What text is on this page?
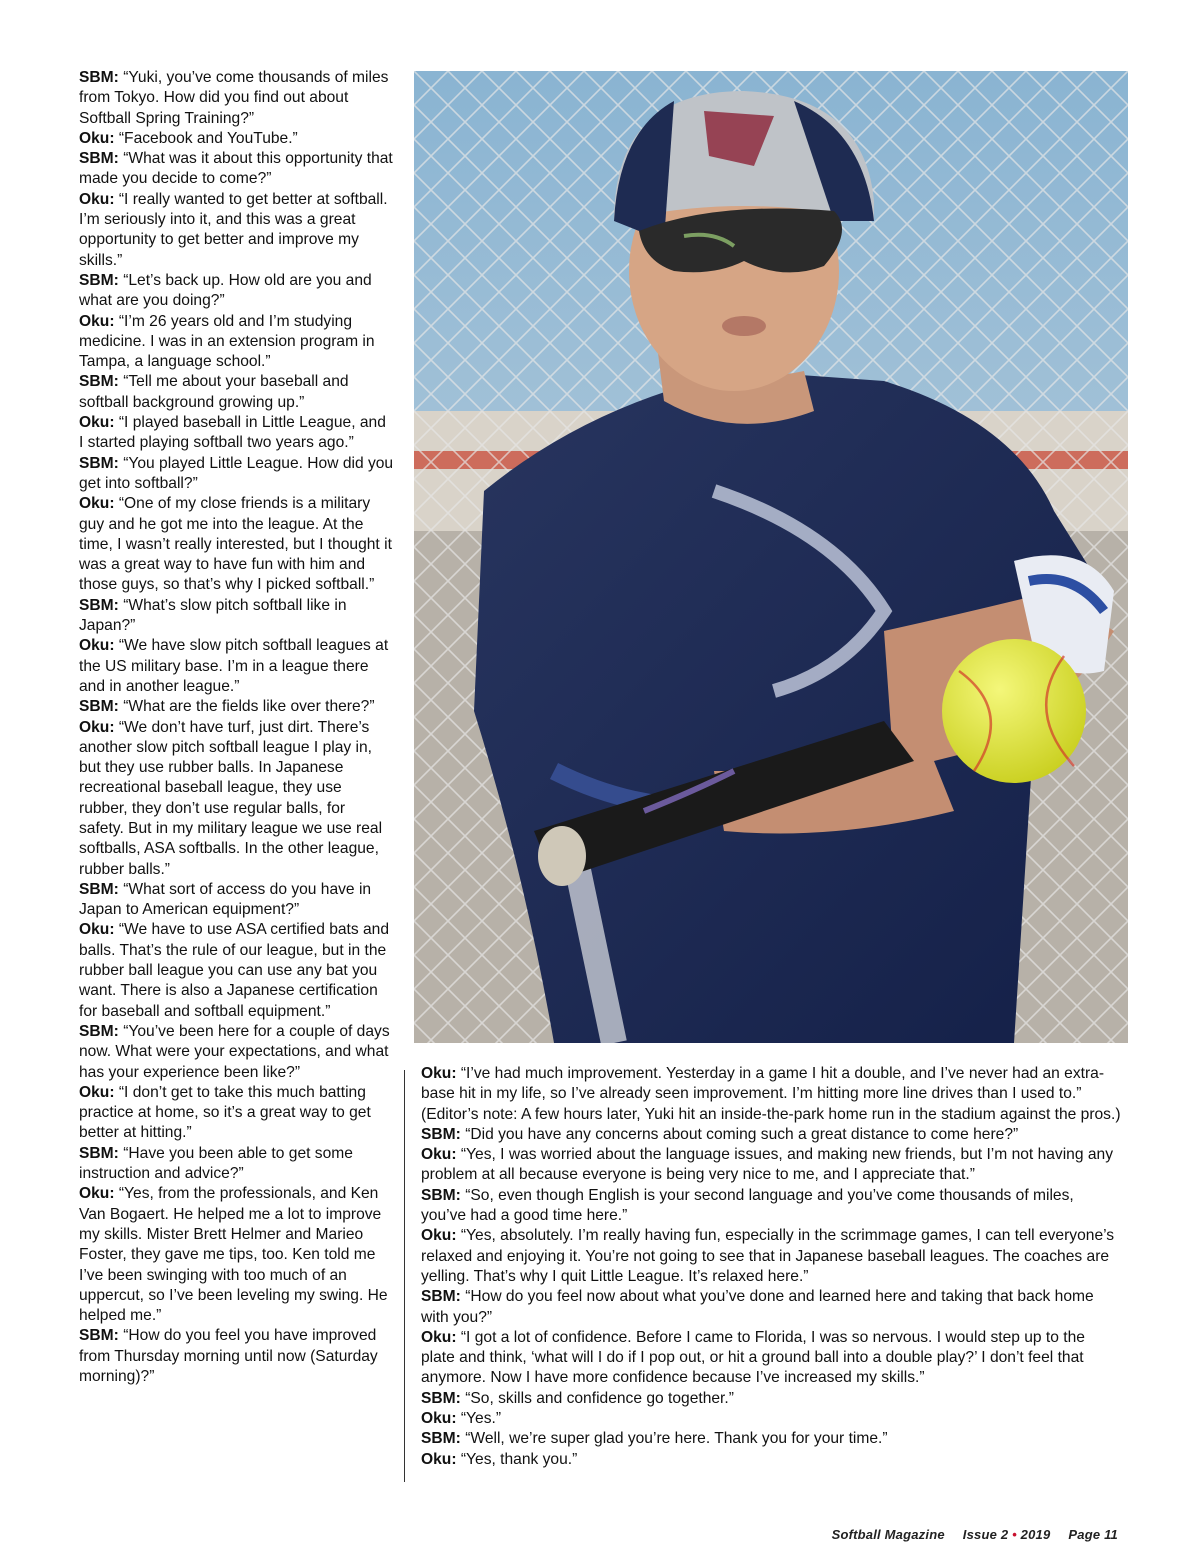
SBM: “Yuki, you’ve come thousands of miles from Tokyo. How did you find out about Softball Spring Training?”

Oku: “Facebook and YouTube.”

SBM: “What was it about this opportunity that made you decide to come?”

Oku: “I really wanted to get better at softball. I’m seriously into it, and this was a great opportunity to get better and improve my skills.”

SBM: “Let’s back up. How old are you and what are you doing?”

Oku: “I’m 26 years old and I’m studying medicine. I was in an extension program in Tampa, a language school.”

SBM: “Tell me about your baseball and softball background growing up.”

Oku: “I played baseball in Little League, and I started playing softball two years ago.”

SBM: “You played Little League. How did you get into softball?”

Oku: “One of my close friends is a military guy and he got me into the league. At the time, I wasn’t really interested, but I thought it was a great way to have fun with him and those guys, so that’s why I picked softball.”

SBM: “What’s slow pitch softball like in Japan?”

Oku: “We have slow pitch softball leagues at the US military base. I’m in a league there and in another league.”

SBM: “What are the fields like over there?”

Oku: “We don’t have turf, just dirt. There’s another slow pitch softball league I play in, but they use rubber balls. In Japanese recreational baseball league, they use rubber, they don’t use regular balls, for safety. But in my military league we use real softballs, ASA softballs. In the other league, rubber balls.”

SBM: “What sort of access do you have in Japan to American equipment?”

Oku: “We have to use ASA certified bats and balls. That’s the rule of our league, but in the rubber ball league you can use any bat you want. There is also a Japanese certification for baseball and softball equipment.”

SBM: “You’ve been here for a couple of days now. What were your expectations, and what has your experience been like?”

Oku: “I don’t get to take this much batting practice at home, so it’s a great way to get better at hitting.”

SBM: “Have you been able to get some instruction and advice?”

Oku: “Yes, from the professionals, and Ken Van Bogaert. He helped me a lot to improve my skills. Mister Brett Helmer and Marieo Foster, they gave me tips, too. Ken told me I’ve been swinging with too much of an uppercut, so I’ve been leveling my swing. He helped me.”

SBM: “How do you feel you have improved from Thursday morning until now (Saturday morning)?”

Oku: “I’ve had much improvement. Yesterday in a game I hit a double, and I’ve never had an extra-base hit in my life, so I’ve already seen improvement. I’m hitting more line drives than I used to.” (Editor’s note: A few hours later, Yuki hit an inside-the-park home run in the stadium against the pros.)

SBM: “Did you have any concerns about coming such a great distance to come here?”

Oku: “Yes, I was worried about the language issues, and making new friends, but I’m not having any problem at all because everyone is being very nice to me, and I appreciate that.”

SBM: “So, even though English is your second language and you’ve come thousands of miles, you’ve had a good time here.”

Oku: “Yes, absolutely. I’m really having fun, especially in the scrimmage games, I can tell everyone’s relaxed and enjoying it. You’re not going to see that in Japanese baseball leagues. The coaches are yelling. That’s why I quit Little League. It’s relaxed here.”

SBM: “How do you feel now about what you’ve done and learned here and taking that back home with you?”

Oku: “I got a lot of confidence. Before I came to Florida, I was so nervous. I would step up to the plate and think, ‘what will I do if I pop out, or hit a ground ball into a double play?’ I don’t feel that anymore. Now I have more confidence because I’ve increased my skills.”

SBM: “So, skills and confidence go together.”

Oku: “Yes.”

SBM: “Well, we’re super glad you’re here. Thank you for your time.”

Oku: “Yes, thank you.”

Softball Magazine Issue 2 • 2019 Page 11
